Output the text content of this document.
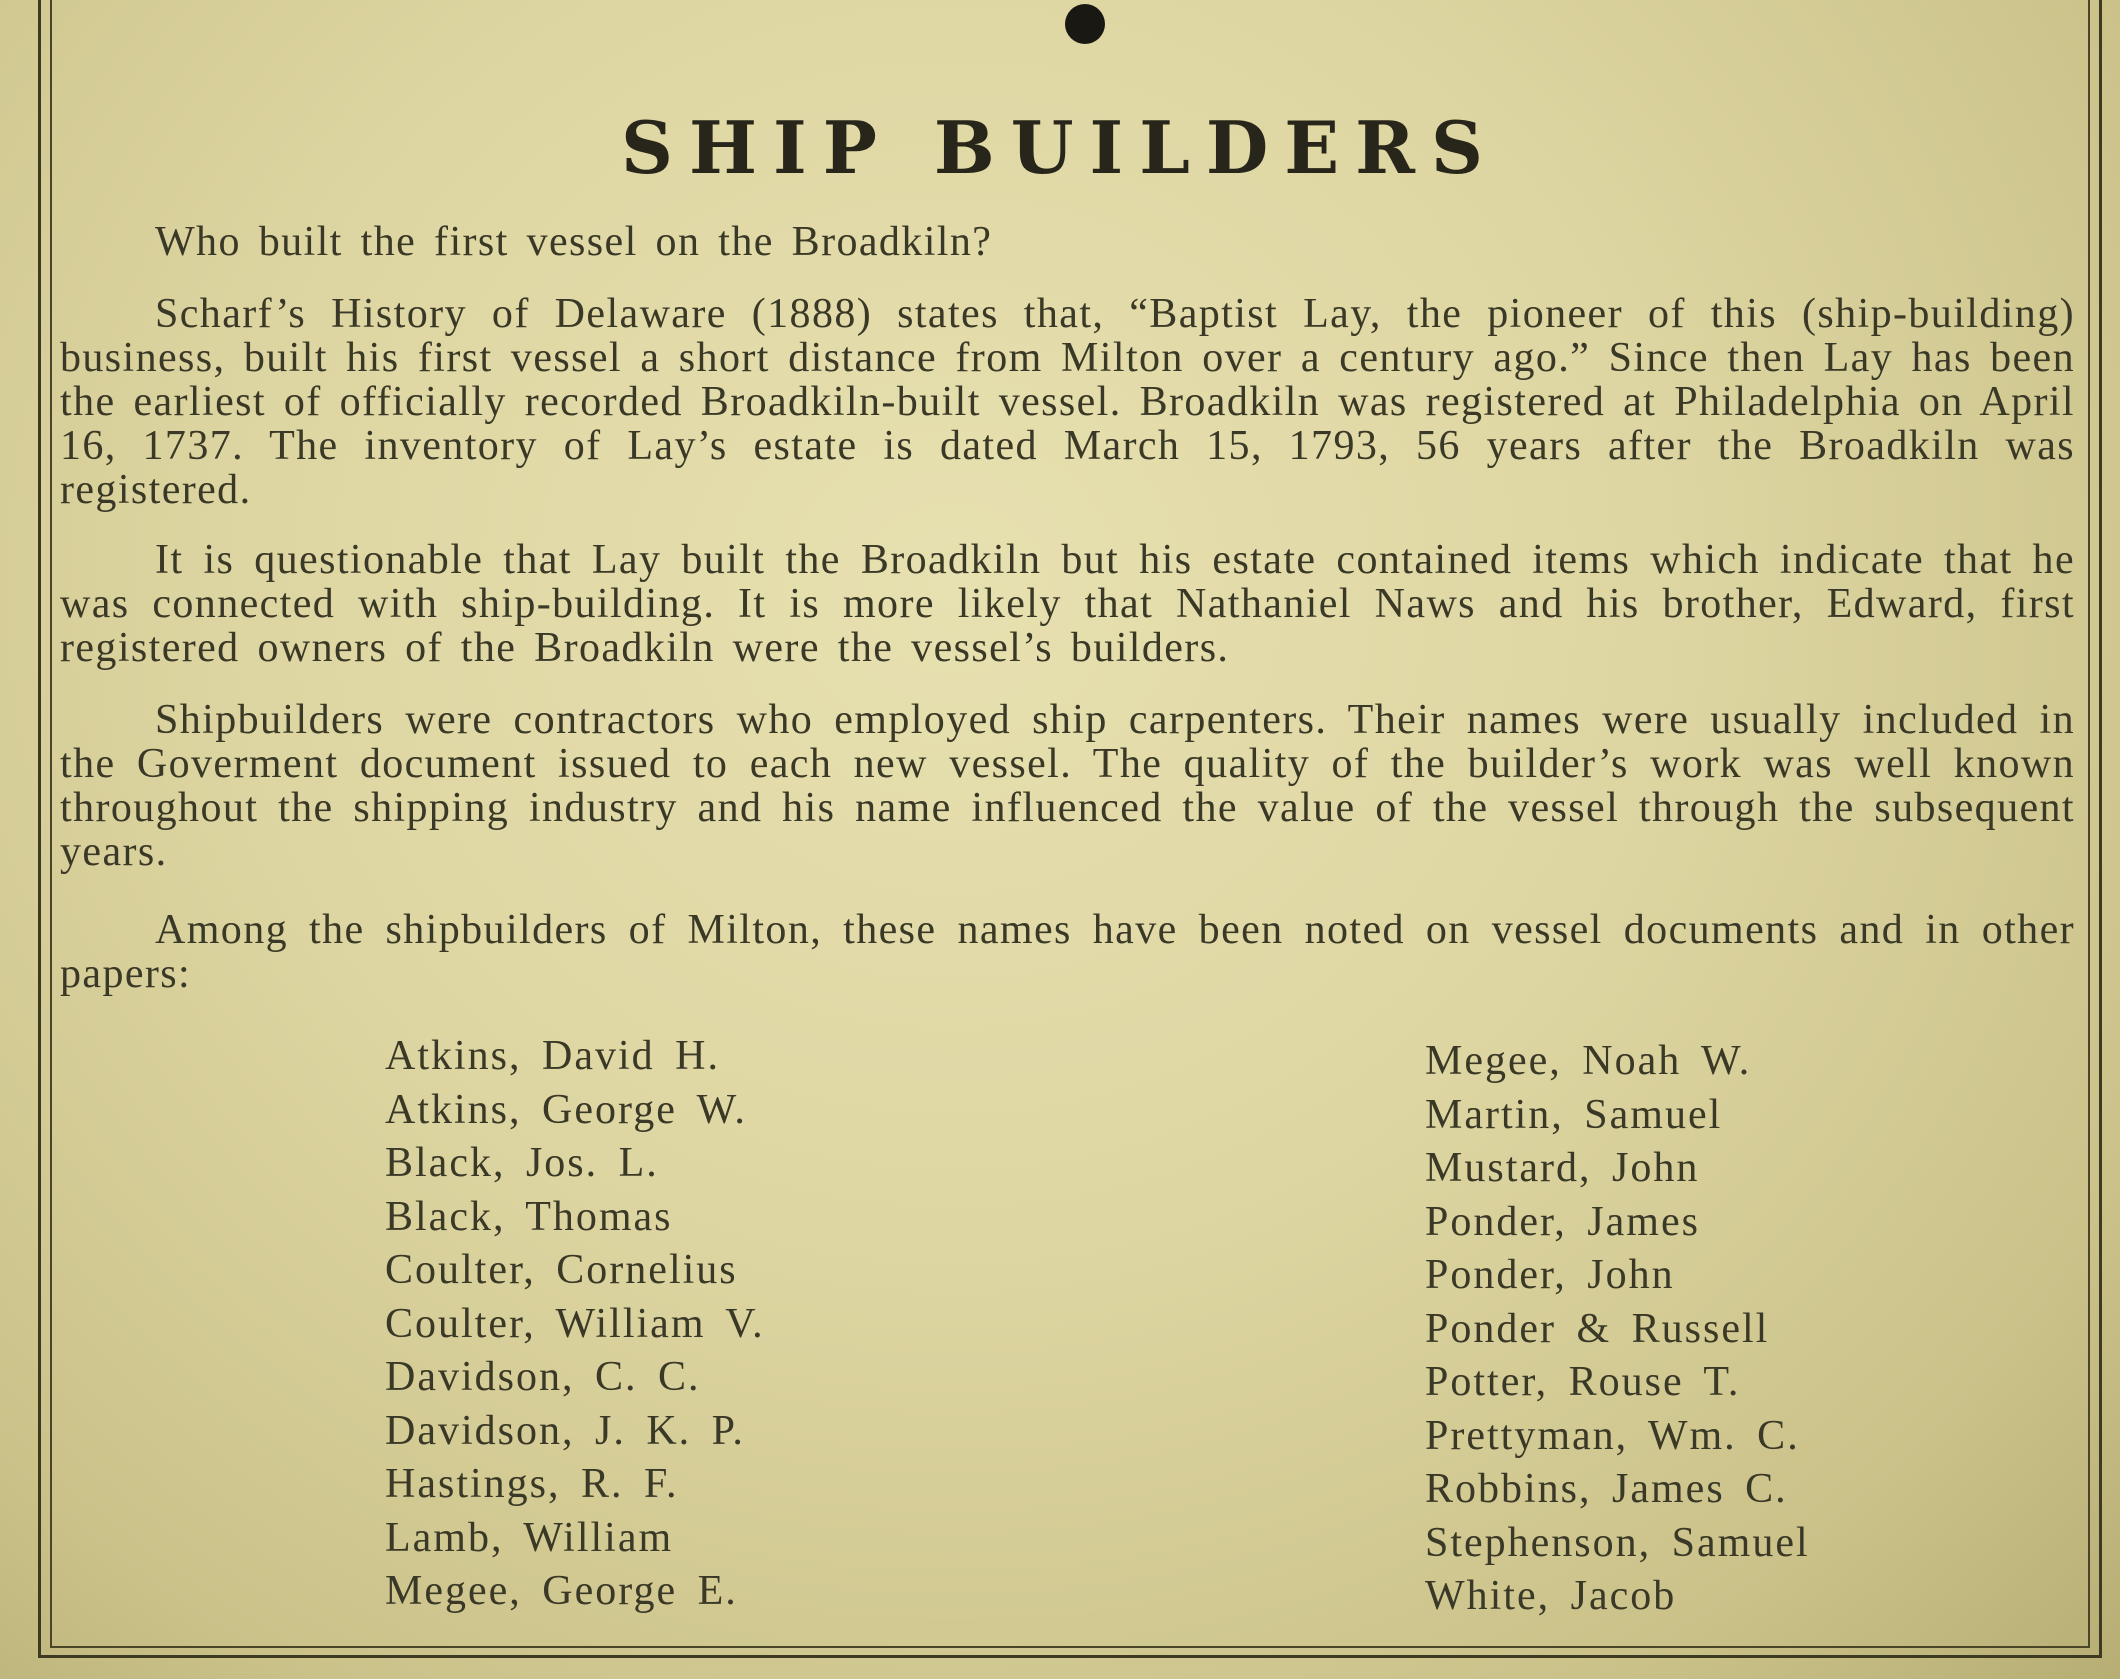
SHIP BUILDERS

Who built the first vessel on the Broadkiln?

Scharf’s History of Delaware (1888) states that, “Baptist Lay, the pioneer of this (ship-building) business, built his first vessel a short distance from Milton over a century ago.” Since then Lay has been the earliest of officially recorded Broadkiln-built vessel. Broadkiln was registered at Philadelphia on April 16, 1737. The inventory of Lay’s estate is dated March 15, 1793, 56 years after the Broadkiln was registered.

It is questionable that Lay built the Broadkiln but his estate contained items which indicate that he was connected with ship-building. It is more likely that Nathaniel Naws and his brother, Edward, first registered owners of the Broadkiln were the vessel’s builders.

Shipbuilders were contractors who employed ship carpenters. Their names were usually included in the Goverment document issued to each new vessel. The quality of the builder’s work was well known throughout the shipping industry and his name influenced the value of the vessel through the subsequent years.

Among the shipbuilders of Milton, these names have been noted on vessel documents and in other papers:

Atkins, David H.
Atkins, George W.
Black, Jos. L.
Black, Thomas
Coulter, Cornelius
Coulter, William V.
Davidson, C. C.
Davidson, J. K. P.
Hastings, R. F.
Lamb, William
Megee, George E.
Megee, Noah W.
Martin, Samuel
Mustard, John
Ponder, James
Ponder, John
Ponder & Russell
Potter, Rouse T.
Prettyman, Wm. C.
Robbins, James C.
Stephenson, Samuel
White, Jacob
